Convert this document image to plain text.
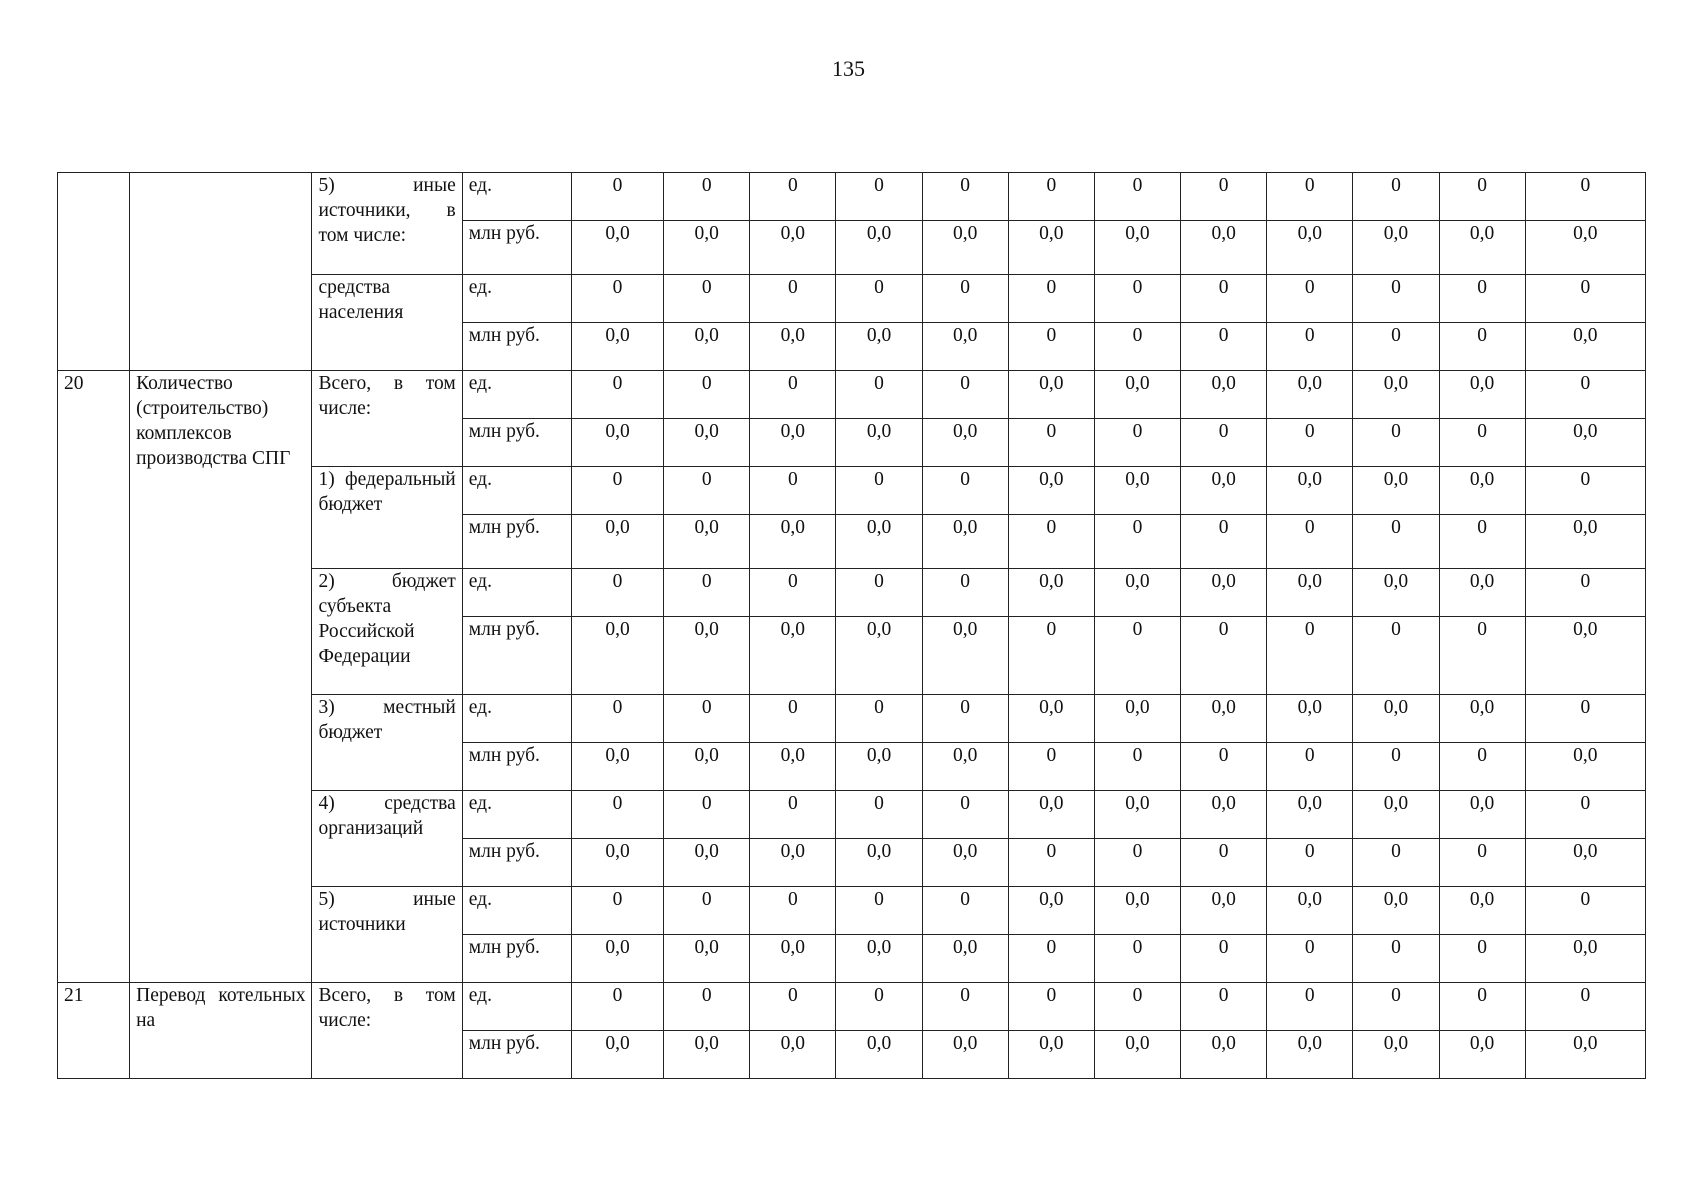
135
		5) иные источники, в том числе:	ед.	0	0	0	0	0	0	0	0	0	0	0	0
			млн руб.	0,0	0,0	0,0	0,0	0,0	0,0	0,0	0,0	0,0	0,0	0,0	0,0
		средства населения	ед.	0	0	0	0	0	0	0	0	0	0	0	0
			млн руб.	0,0	0,0	0,0	0,0	0,0	0	0	0	0	0	0	0,0
20	Количество (строительство) комплексов производства СПГ	Всего, в том числе:	ед.	0	0	0	0	0	0,0	0,0	0,0	0,0	0,0	0,0	0
			млн руб.	0,0	0,0	0,0	0,0	0,0	0	0	0	0	0	0	0,0
		1) федеральный бюджет	ед.	0	0	0	0	0	0,0	0,0	0,0	0,0	0,0	0,0	0
			млн руб.	0,0	0,0	0,0	0,0	0,0	0	0	0	0	0	0	0,0
		2) бюджет субъекта Российской Федерации	ед.	0	0	0	0	0	0,0	0,0	0,0	0,0	0,0	0,0	0
			млн руб.	0,0	0,0	0,0	0,0	0,0	0	0	0	0	0	0	0,0
		3) местный бюджет	ед.	0	0	0	0	0	0,0	0,0	0,0	0,0	0,0	0,0	0
			млн руб.	0,0	0,0	0,0	0,0	0,0	0	0	0	0	0	0	0,0
		4) средства организаций	ед.	0	0	0	0	0	0,0	0,0	0,0	0,0	0,0	0,0	0
			млн руб.	0,0	0,0	0,0	0,0	0,0	0	0	0	0	0	0	0,0
		5) иные источники	ед.	0	0	0	0	0	0,0	0,0	0,0	0,0	0,0	0,0	0
			млн руб.	0,0	0,0	0,0	0,0	0,0	0	0	0	0	0	0	0,0
21	Перевод котельных на	Всего, в том числе:	ед.	0	0	0	0	0	0	0	0	0	0	0	0
			млн руб.	0,0	0,0	0,0	0,0	0,0	0,0	0,0	0,0	0,0	0,0	0,0	0,0
